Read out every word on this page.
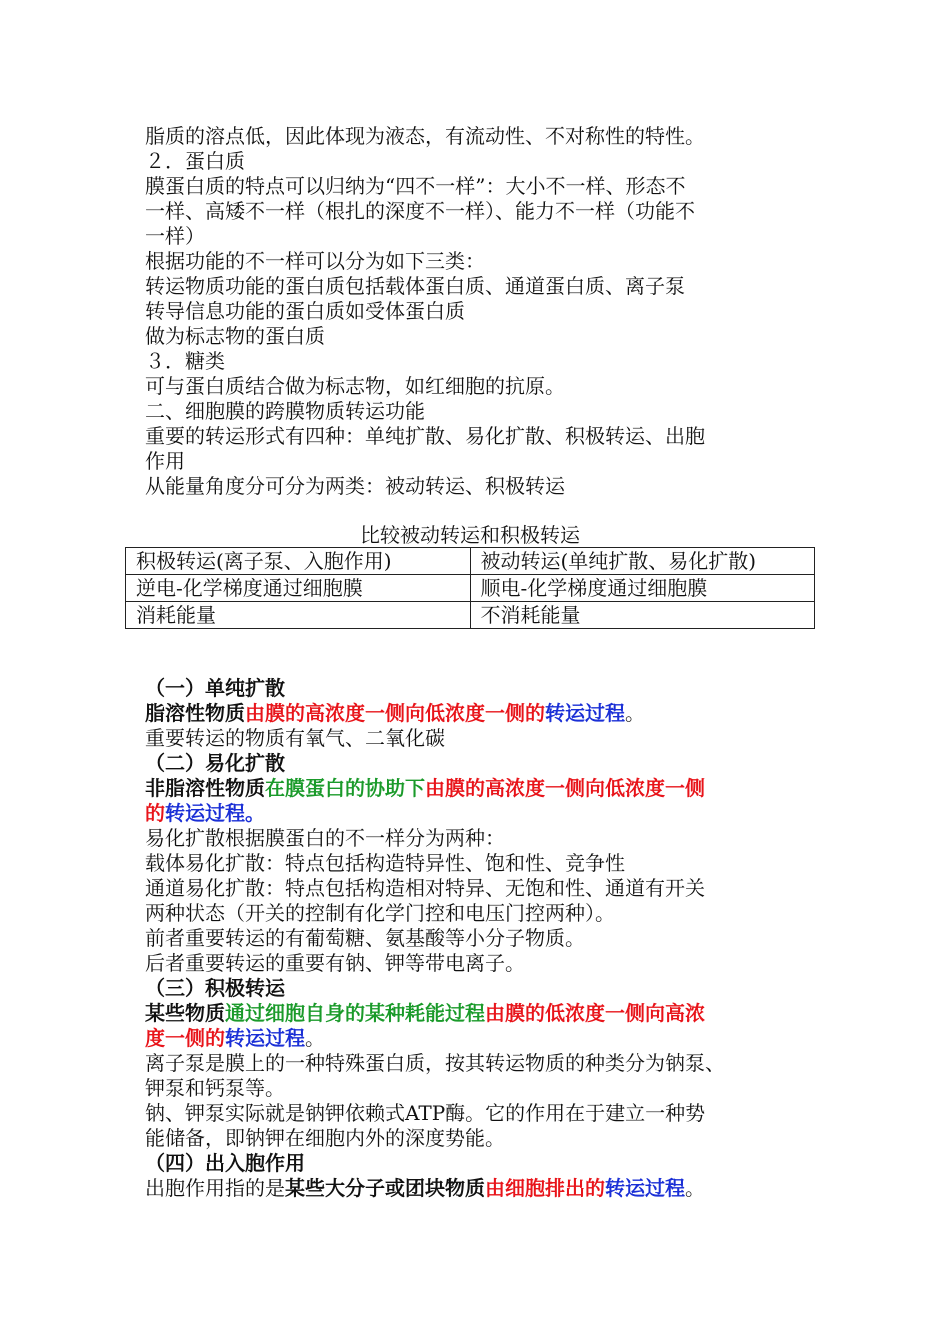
脂质的溶点低，因此体现为液态，有流动性、不对称性的特性。
２．蛋白质
膜蛋白质的特点可以归纳为“四不一样”：大小不一样、形态不
一样、高矮不一样（根扎的深度不一样）、能力不一样（功能不
一样）
根据功能的不一样可以分为如下三类：
转运物质功能的蛋白质包括载体蛋白质、通道蛋白质、离子泵
转导信息功能的蛋白质如受体蛋白质
做为标志物的蛋白质
３．糖类
可与蛋白质结合做为标志物，如红细胞的抗原。
二、细胞膜的跨膜物质转运功能
重要的转运形式有四种：单纯扩散、易化扩散、积极转运、出胞
作用
从能量角度分可分为两类：被动转运、积极转运
比较被动转运和积极转运
积极转运(离子泵、入胞作用)	被动转运(单纯扩散、易化扩散)
逆电-化学梯度通过细胞膜	顺电-化学梯度通过细胞膜
消耗能量	不消耗能量
（一）单纯扩散
脂溶性物质由膜的高浓度一侧向低浓度一侧的转运过程。
重要转运的物质有氧气、二氧化碳
（二）易化扩散
非脂溶性物质在膜蛋白的协助下由膜的高浓度一侧向低浓度一侧
的转运过程。
易化扩散根据膜蛋白的不一样分为两种：
载体易化扩散：特点包括构造特异性、饱和性、竞争性
通道易化扩散：特点包括构造相对特异、无饱和性、通道有开关
两种状态（开关的控制有化学门控和电压门控两种）。
前者重要转运的有葡萄糖、氨基酸等小分子物质。
后者重要转运的重要有钠、钾等带电离子。
（三）积极转运
某些物质通过细胞自身的某种耗能过程由膜的低浓度一侧向高浓
度一侧的转运过程。
离子泵是膜上的一种特殊蛋白质，按其转运物质的种类分为钠泵、
钾泵和钙泵等。
钠、钾泵实际就是钠钾依赖式ATP酶。它的作用在于建立一种势
能储备，即钠钾在细胞内外的深度势能。
（四）出入胞作用
出胞作用指的是某些大分子或团块物质由细胞排出的转运过程。
